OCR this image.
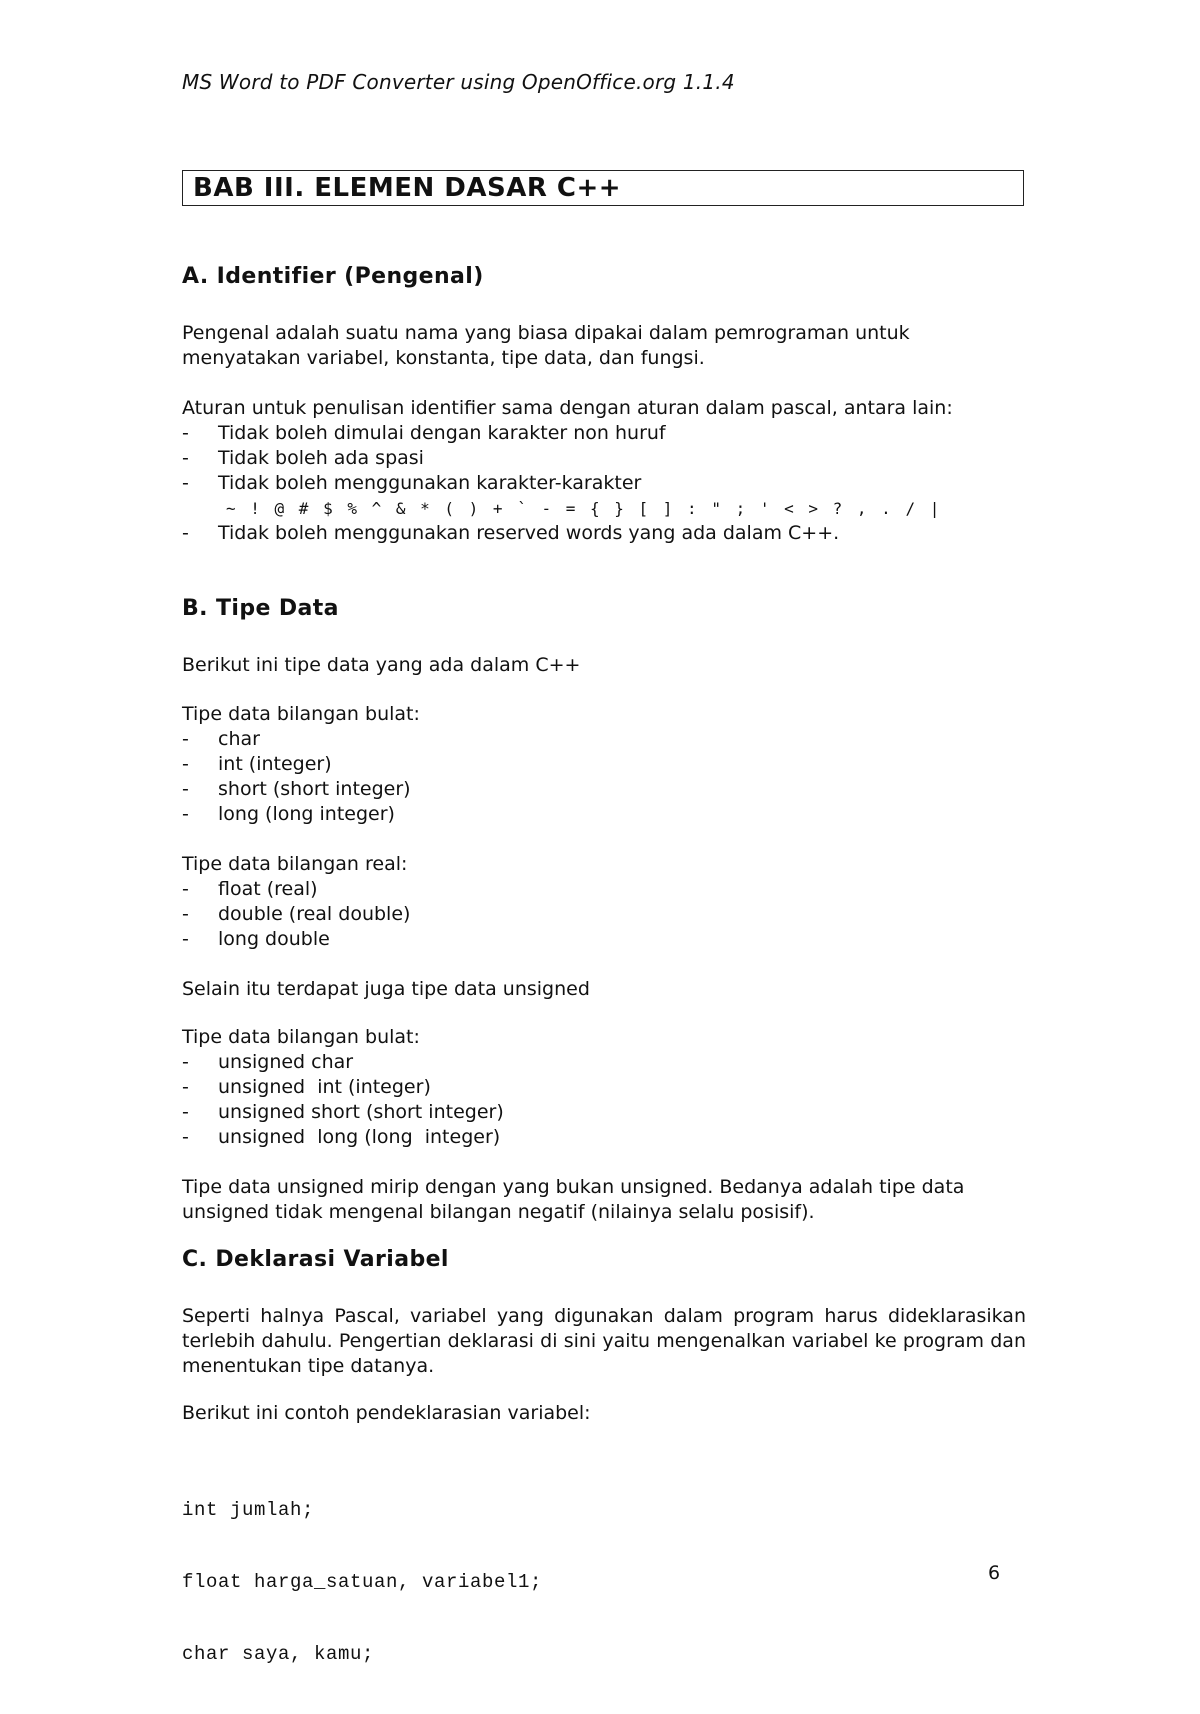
MS Word to PDF Converter using OpenOffice.org 1.1.4
BAB III. ELEMEN DASAR C++
A. Identifier (Pengenal)
Pengenal adalah suatu nama yang biasa dipakai dalam pemrograman untuk
menyatakan variabel, konstanta, tipe data, dan fungsi.
Aturan untuk penulisan identifier sama dengan aturan dalam pascal, antara lain:
-	Tidak boleh dimulai dengan karakter non huruf
-	Tidak boleh ada spasi
-	Tidak boleh menggunakan karakter-karakter
~ ! @ # $ % ^ & * ( ) + ` - = { } [ ] : " ; ' < > ? , . / |
-	Tidak boleh menggunakan reserved words yang ada dalam C++.
B. Tipe Data
Berikut ini tipe data yang ada dalam C++
Tipe data bilangan bulat:
-	char
-	int (integer)
-	short (short integer)
-	long (long integer)
Tipe data bilangan real:
-	float (real)
-	double (real double)
-	long double
Selain itu terdapat juga tipe data unsigned
Tipe data bilangan bulat:
-	unsigned char
-	unsigned  int (integer)
-	unsigned short (short integer)
-	unsigned  long (long  integer)
Tipe data unsigned mirip dengan yang bukan unsigned. Bedanya adalah tipe data
unsigned tidak mengenal bilangan negatif (nilainya selalu posisif).
C. Deklarasi Variabel
Seperti halnya Pascal, variabel yang digunakan dalam program harus dideklarasikan terlebih dahulu. Pengertian deklarasi di sini yaitu mengenalkan variabel ke program dan menentukan tipe datanya.
Berikut ini contoh pendeklarasian variabel:

int jumlah;

float harga_satuan, variabel1;

char saya, kamu;

6
